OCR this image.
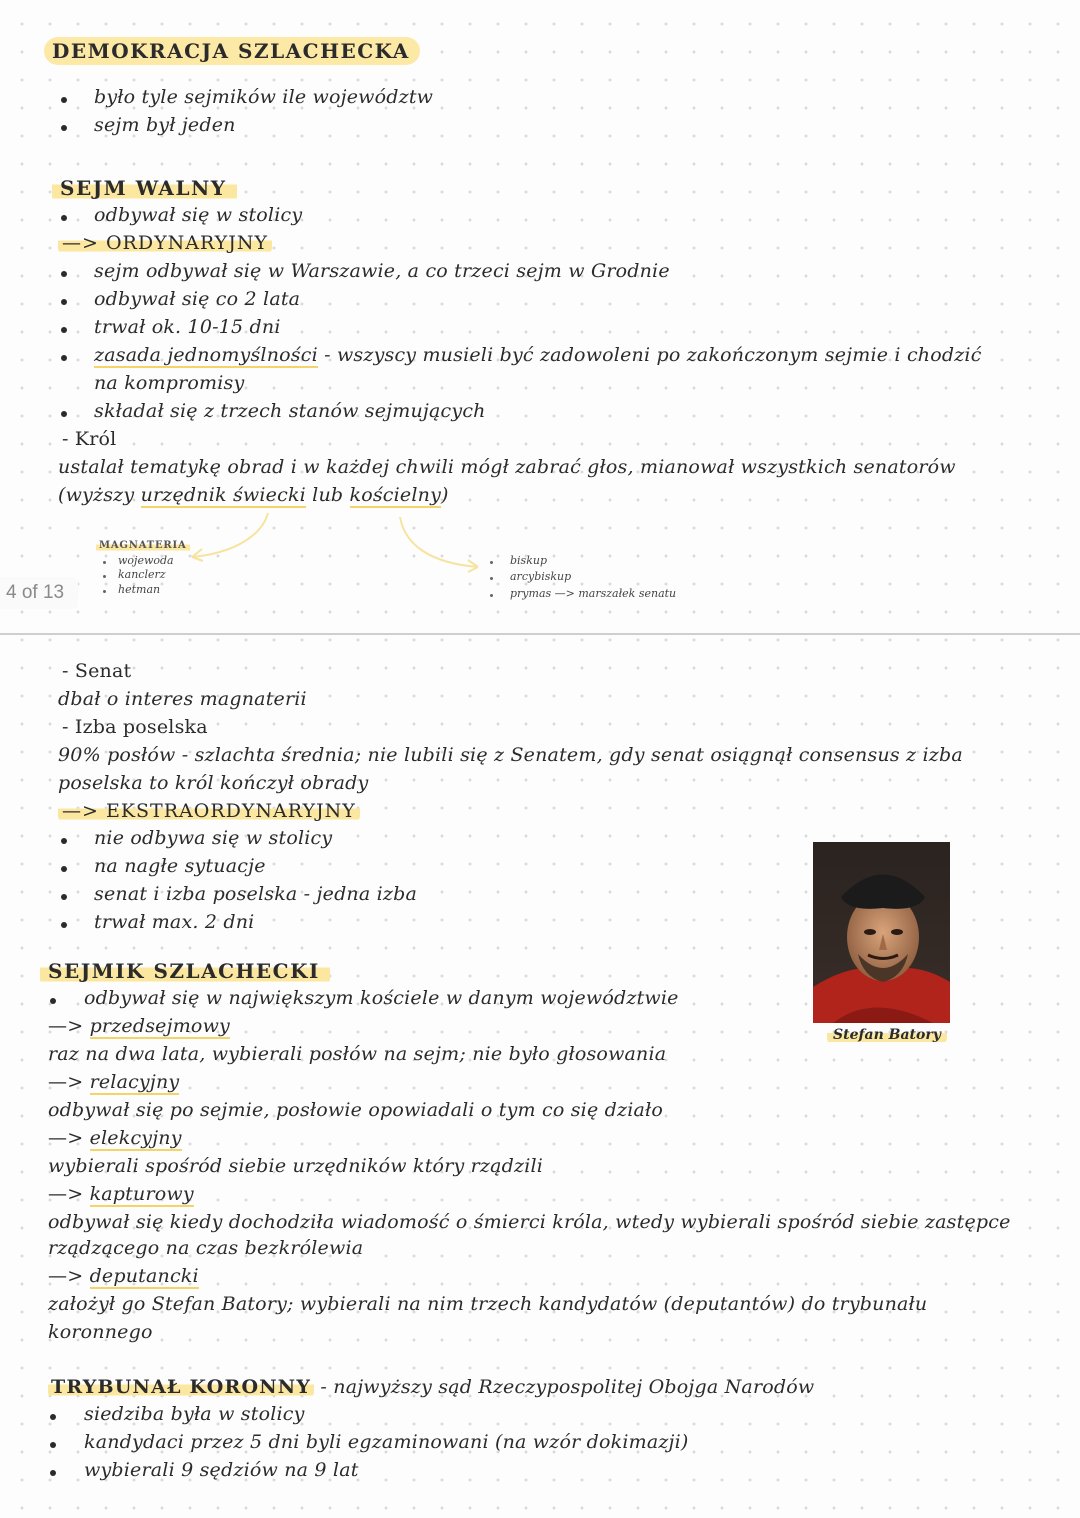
DEMOKRACJA SZLACHECKA
było tyle sejmików ile województw
sejm był jeden
SEJM WALNY
odbywał się w stolicy
—> ORDYNARYJNY
sejm odbywał się w Warszawie, a co trzeci sejm w Grodnie
odbywał się co 2 lata
trwał ok. 10-15 dni
zasada jednomyślności - wszyscy musieli być zadowoleni po zakończonym sejmie i chodzić
na kompromisy
składał się z trzech stanów sejmujących
- Król
ustalał tematykę obrad i w każdej chwili mógł zabrać głos, mianował wszystkich senatorów
(wyższy urzędnik świecki lub kościelny)
MAGNATERIA
wojewoda
kanclerz
hetman
biskup
arcybiskup
prymas —> marszałek senatu
4 of 13
- Senat
dbał o interes magnaterii
- Izba poselska
90% posłów - szlachta średnia; nie lubili się z Senatem, gdy senat osiągnął consensus z izba
poselska to król kończył obrady
—> EKSTRAORDYNARYJNY
nie odbywa się w stolicy
na nagłe sytuacje
senat i izba poselska - jedna izba
trwał max. 2 dni
SEJMIK SZLACHECKI
odbywał się w największym kościele w danym województwie
—> przedsejmowy
raz na dwa lata, wybierali posłów na sejm; nie było głosowania
—> relacyjny
odbywał się po sejmie, posłowie opowiadali o tym co się działo
—> elekcyjny
wybierali spośród siebie urzędników który rządzili
—> kapturowy
odbywał się kiedy dochodziła wiadomość o śmierci króla, wtedy wybierali spośród siebie zastępce
rządzącego na czas bezkrólewia
—> deputancki
założył go Stefan Batory; wybierali na nim trzech kandydatów (deputantów) do trybunału
koronnego
Stefan Batory
TRYBUNAŁ KORONNY - najwyższy sąd Rzeczypospolitej Obojga Narodów
siedziba była w stolicy
kandydaci przez 5 dni byli egzaminowani (na wzór dokimazji)
wybierali 9 sędziów na 9 lat
